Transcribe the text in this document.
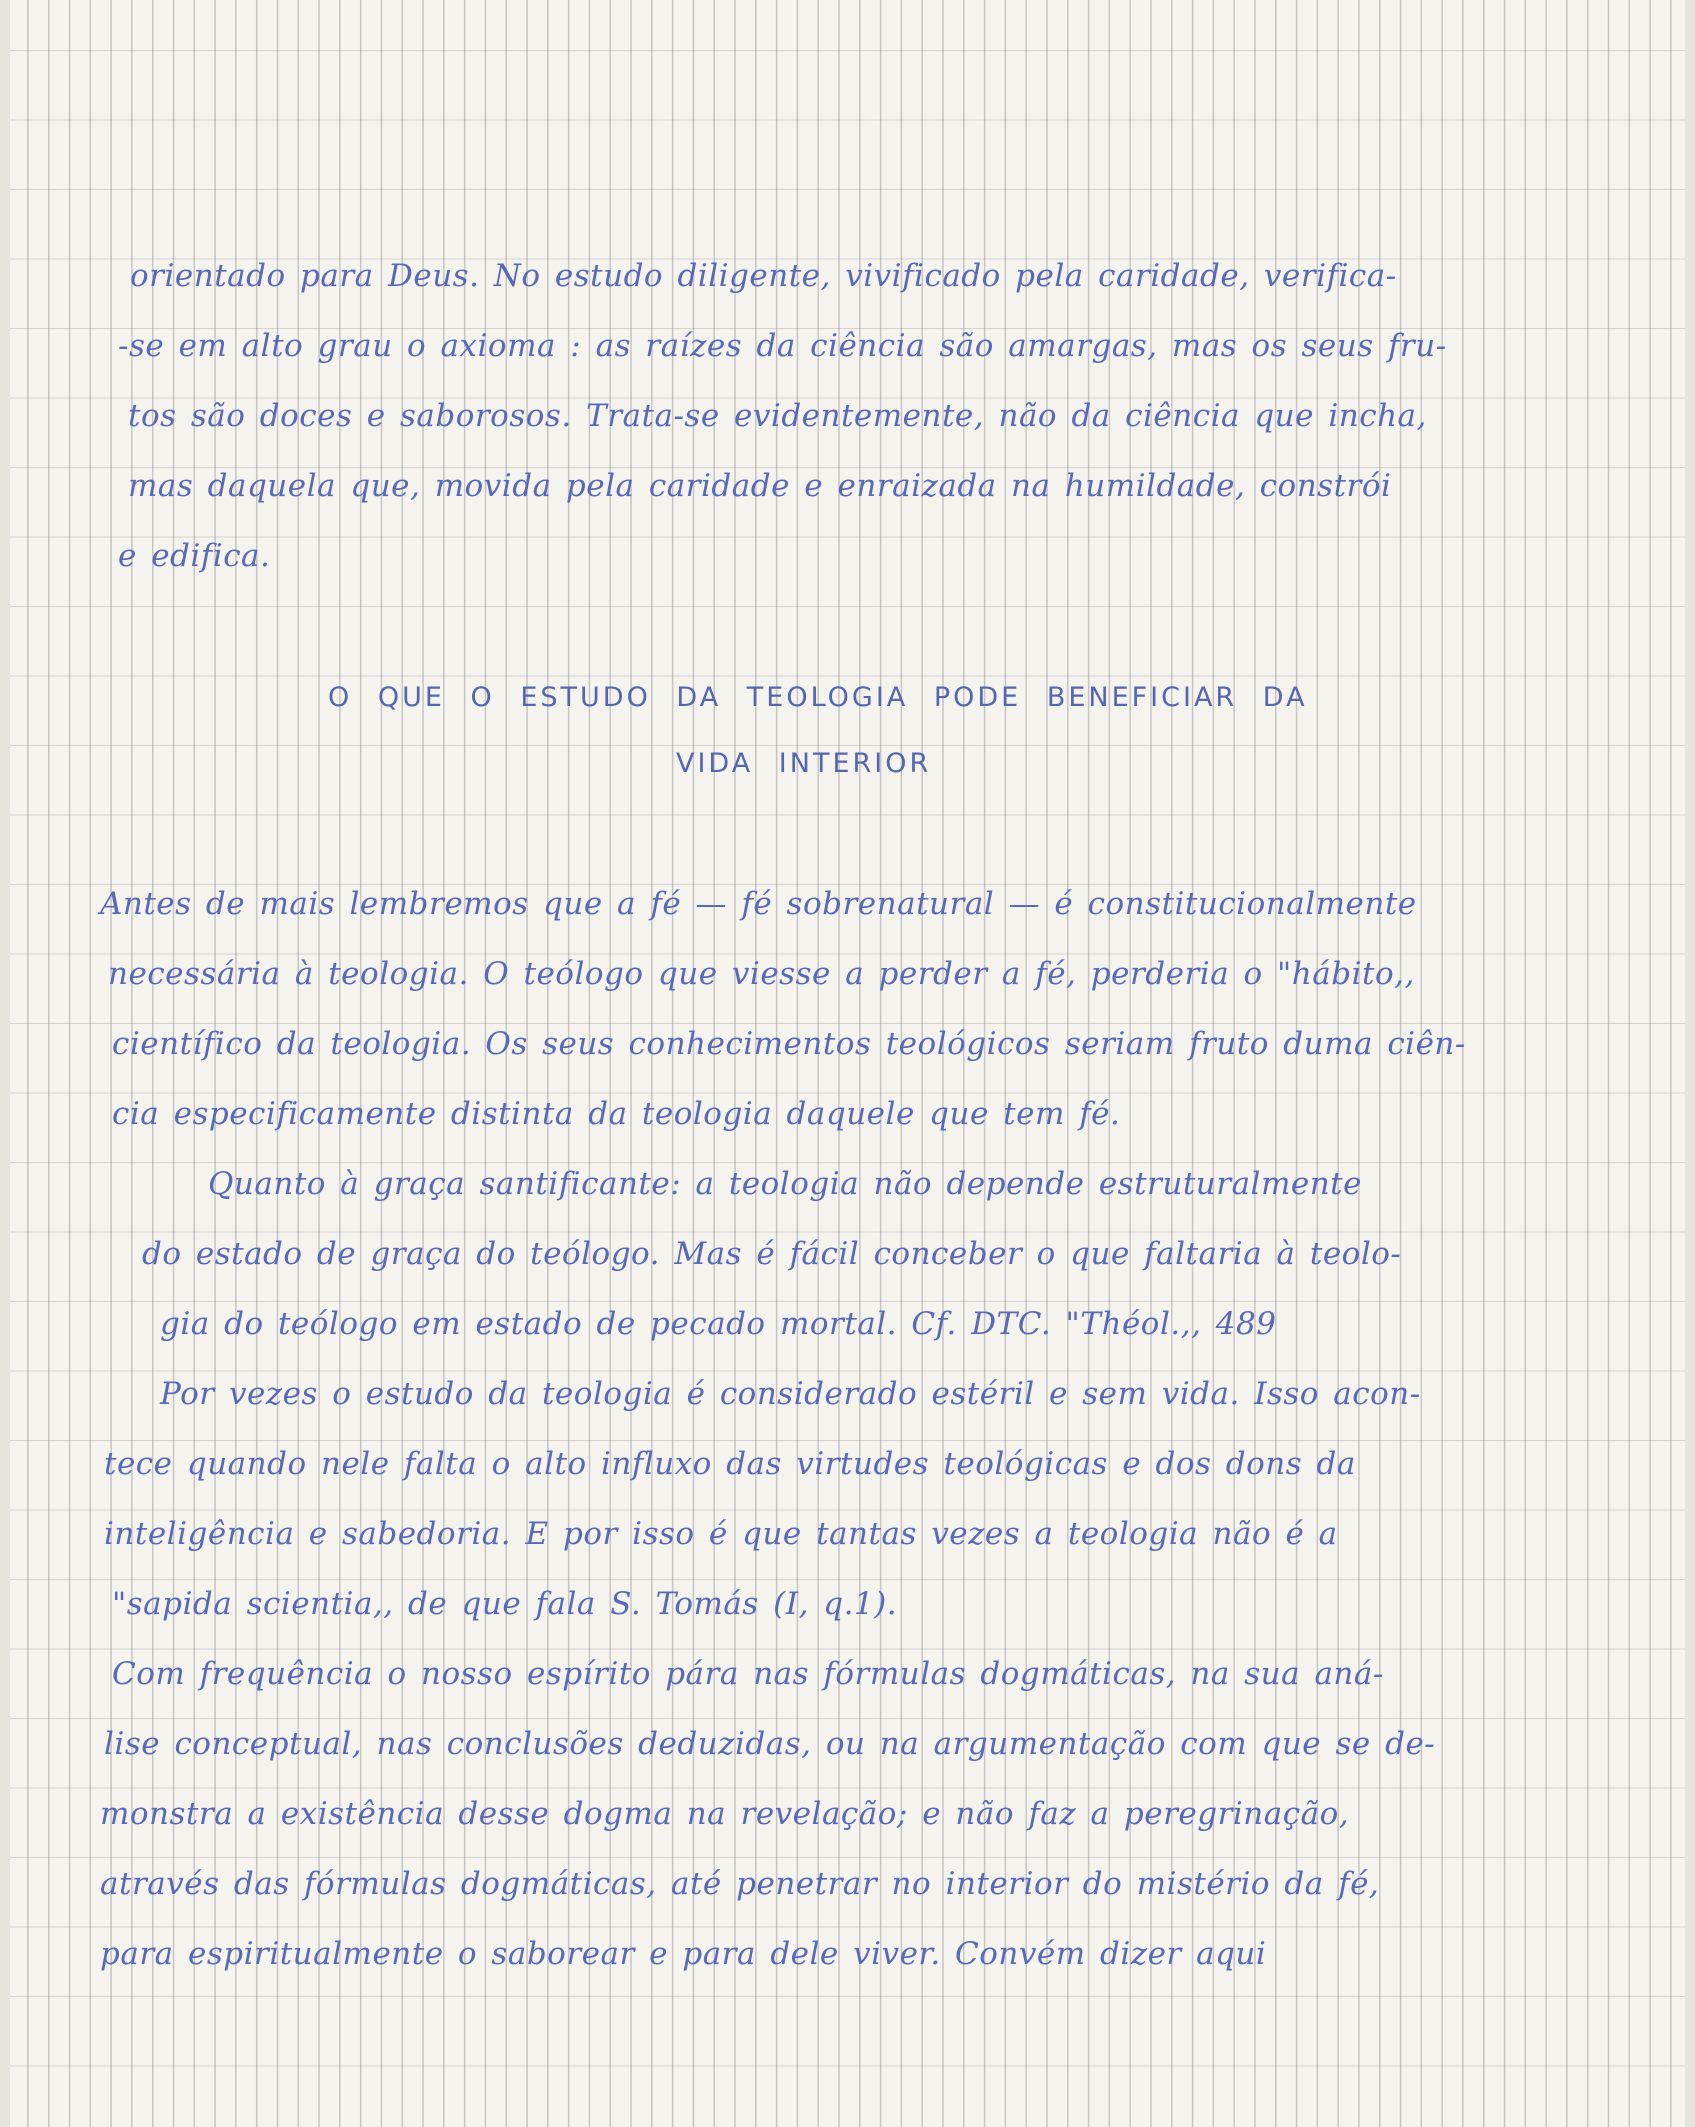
orientado para Deus. No estudo diligente, vivificado pela caridade, verifica-

-se em alto grau o axioma : as raízes da ciência são amargas, mas os seus fru-

tos são doces e saborosos. Trata-se evidentemente, não da ciência que incha,

mas daquela que, movida pela caridade e enraizada na humildade, constrói

e edifica.

O QUE O ESTUDO DA TEOLOGIA PODE BENEFICIAR DA

VIDA INTERIOR

Antes de mais lembremos que a fé — fé sobrenatural — é constitucionalmente

necessária à teologia. O teólogo que viesse a perder a fé, perderia o "hábito,,

científico da teologia. Os seus conhecimentos teológicos seriam fruto duma ciên-

cia especificamente distinta da teologia daquele que tem fé.

Quanto à graça santificante: a teologia não depende estruturalmente

do estado de graça do teólogo. Mas é fácil conceber o que faltaria à teolo-

gia do teólogo em estado de pecado mortal. Cf. DTC. "Théol.,, 489

Por vezes o estudo da teologia é considerado estéril e sem vida. Isso acon-

tece quando nele falta o alto influxo das virtudes teológicas e dos dons da

inteligência e sabedoria. E por isso é que tantas vezes a teologia não é a

"sapida scientia,, de que fala S. Tomás (I, q.1).

Com frequência o nosso espírito pára nas fórmulas dogmáticas, na sua aná-

lise conceptual, nas conclusões deduzidas, ou na argumentação com que se de-

monstra a existência desse dogma na revelação; e não faz a peregrinação,

através das fórmulas dogmáticas, até penetrar no interior do mistério da fé,

para espiritualmente o saborear e para dele viver. Convém dizer aqui
